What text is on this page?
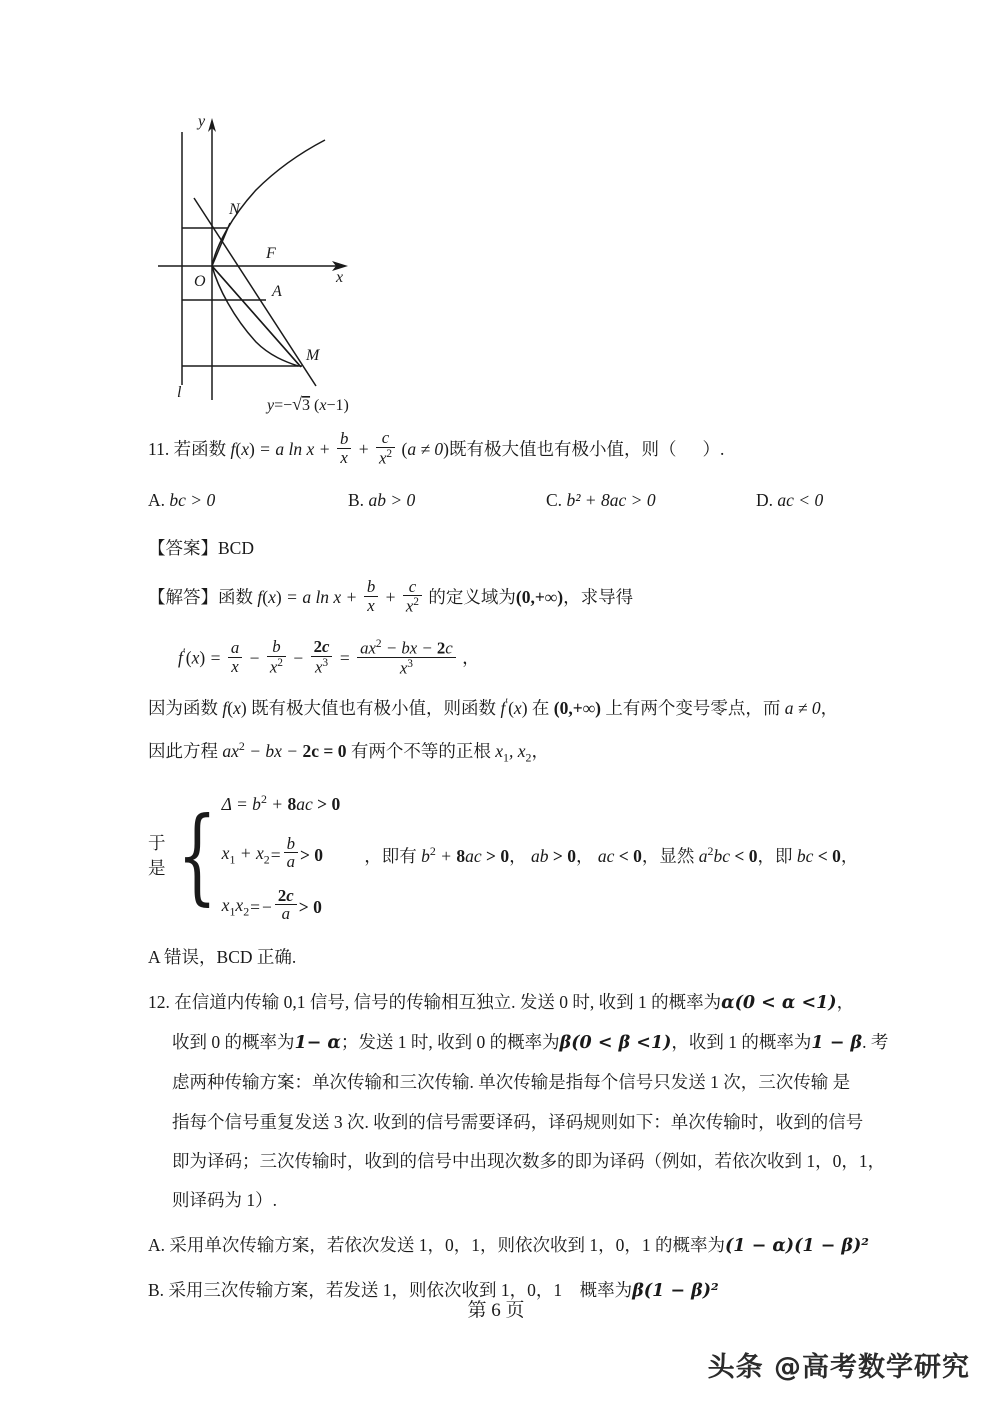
y
x
O
N
F
A
M
l
y=−√3 (x−1)
11. 若函数 f(x) = a $\ln x + \frac{b}{x} + \frac{c}{x^2} (a \ne 0)$既有极大值也有极小值，则（ ）.
A. bc > 0	B. ab > 0	C. b² + 8ac > 0	D. ac < 0
【答案】BCD
【解答】函数 f(x) = a $\ln x + \frac{b}{x} + \frac{c}{x^2}$ 的定义域为(0,+∞)，求导得
$f'(x) = \frac{a}{x} - \frac{b}{x^2} - \frac{2c}{x^3} = \frac{ax^2 - bx - 2c}{x^3}$ ，
因为函数 f(x) 既有极大值也有极小值，则函数 f′(x) 在 (0,+∞) 上有两个变号零点，而 a ≠ 0，
因此方程 $ax^2$ − bx − 2c = 0 有两个不等的正根 $x_1$, $x_2$，
于是 { $\Delta = b^2 + 8ac > 0$
$x_1 + x_2 = \frac{b}{a} > 0$
$x_1x_2$ = − $\frac{2c}{a} > 0$
，即有 $b^2 + 8ac > 0$， ab > 0， ac < 0，显然 $a^2bc < 0$，即 bc < 0，
A 错误，BCD 正确.
12. 在信道内传输 0,1 信号, 信号的传输相互独立. 发送 0 时, 收到 1 的概率为α(0 < α <1)，
收到 0 的概率为1− α；发送 1 时, 收到 0 的概率为β(0 < β <1)，收到 1 的概率为1 − β. 考
虑两种传输方案：单次传输和三次传输. 单次传输是指每个信号只发送 1 次，三次传输 是
指每个信号重复发送 3 次. 收到的信号需要译码，译码规则如下：单次传输时，收到的信号
即为译码；三次传输时，收到的信号中出现次数多的即为译码（例如，若依次收到 1，0，1，
则译码为 1）.
A. 采用单次传输方案，若依次发送 1，0，1，则依次收到 1，0，1 的概率为(1 − α)(1 − β)²
B. 采用三次传输方案，若发送 1，则依次收到 1，0，1　概率为β(1 − β)²
第 6 页
头条 @高考数学研究
